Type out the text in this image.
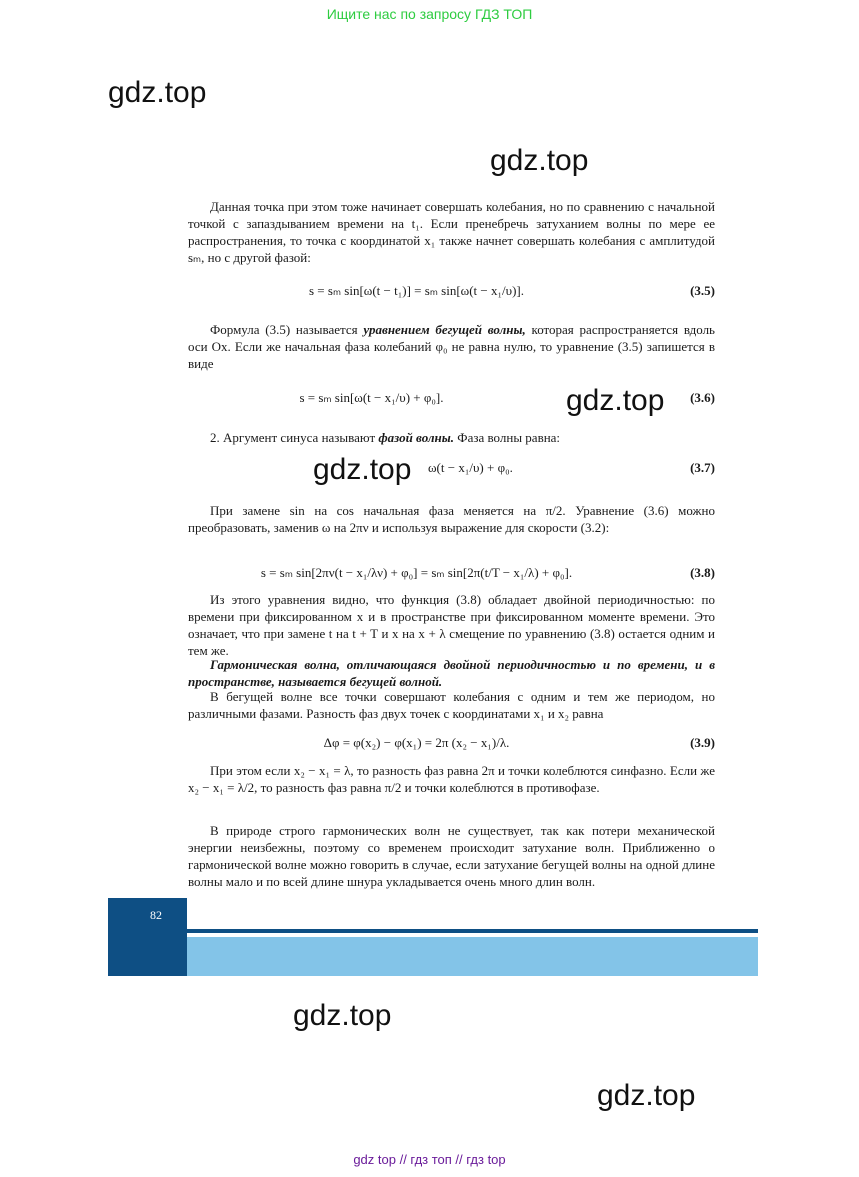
Ищите нас по запросу ГДЗ ТОП
gdz.top
gdz.top
Данная точка при этом тоже начинает совершать колебания, но по сравнению с начальной точкой с запаздыванием времени на t₁. Если пренебречь затуханием волны по мере ее распространения, то точка с координатой x₁ также начнет совершать колебания с амплитудой sₘ, но с другой фазой:
s = sₘ sin[ω(t − t₁)] = sₘ sin[ω(t − x₁/υ)].	(3.5)
Формула (3.5) называется уравнением бегущей волны, которая распространяется вдоль оси Ox. Если же начальная фаза колебаний φ₀ не равна нулю, то уравнение (3.5) запишется в виде
s = sₘ sin[ω(t − x₁/υ) + φ₀].	(3.6)
gdz.top
2. Аргумент синуса называют фазой волны. Фаза волны равна:
gdz.top ω(t − x₁/υ) + φ₀.	(3.7)
При замене sin на cos начальная фаза меняется на π/2. Уравнение (3.6) можно преобразовать, заменив ω на 2πν и используя выражение для скорости (3.2):
s = sₘ sin[2πν(t − x₁/λν) + φ₀] = sₘ sin[2π(t/T − x₁/λ) + φ₀].	(3.8)
Из этого уравнения видно, что функция (3.8) обладает двойной периодичностью: по времени при фиксированном x и в пространстве при фиксированном моменте времени. Это означает, что при замене t на t + T и x на x + λ смещение по уравнению (3.8) остается одним и тем же.
Гармоническая волна, отличающаяся двойной периодичностью и по времени, и в пространстве, называется бегущей волной.
В бегущей волне все точки совершают колебания с одним и тем же периодом, но различными фазами. Разность фаз двух точек с координатами x₁ и x₂ равна
Δφ = φ(x₂) − φ(x₁) = 2π (x₂ − x₁)/λ.	(3.9)
При этом если x₂ − x₁ = λ, то разность фаз равна 2π и точки колеблются синфазно. Если же x₂ − x₁ = λ/2, то разность фаз равна π/2 и точки колеблются в противофазе.
В природе строго гармонических волн не существует, так как потери механической энергии неизбежны, поэтому со временем происходит затухание волн. Приближенно о гармонической волне можно говорить в случае, если затухание бегущей волны на одной длине волны мало и по всей длине шнура укладывается очень много длин волн.
82
gdz.top
gdz.top
gdz top // гдз топ // гдз top
